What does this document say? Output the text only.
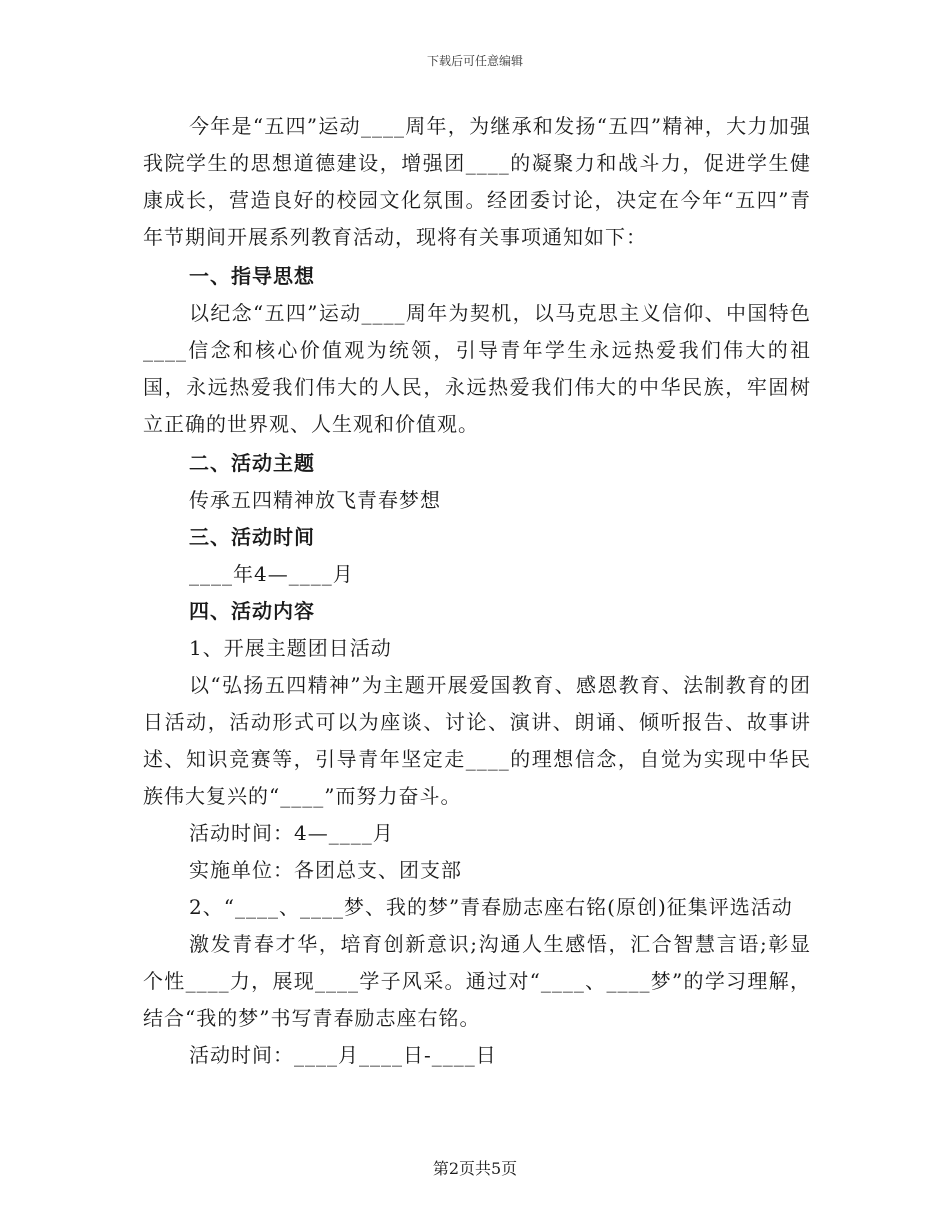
下载后可任意编辑

今年是“五四”运动____周年，为继承和发扬“五四”精神，大力加强我院学生的思想道德建设，增强团____的凝聚力和战斗力，促进学生健康成长，营造良好的校园文化氛围。经团委讨论，决定在今年“五四”青年节期间开展系列教育活动，现将有关事项通知如下：

一、指导思想

以纪念“五四”运动____周年为契机，以马克思主义信仰、中国特色____信念和核心价值观为统领，引导青年学生永远热爱我们伟大的祖国，永远热爱我们伟大的人民，永远热爱我们伟大的中华民族，牢固树立正确的世界观、人生观和价值观。

二、活动主题

传承五四精神放飞青春梦想

三、活动时间

____年4—____月

四、活动内容

1、开展主题团日活动

以“弘扬五四精神”为主题开展爱国教育、感恩教育、法制教育的团日活动，活动形式可以为座谈、讨论、演讲、朗诵、倾听报告、故事讲述、知识竞赛等，引导青年坚定走____的理想信念，自觉为实现中华民族伟大复兴的“____”而努力奋斗。

活动时间：4—____月

实施单位：各团总支、团支部

2、“____、____梦、我的梦”青春励志座右铭(原创)征集评选活动

激发青春才华，培育创新意识;沟通人生感悟，汇合智慧言语;彰显个性____力，展现____学子风采。通过对“____、____梦”的学习理解，结合“我的梦”书写青春励志座右铭。

活动时间：____月____日-____日

第2页共5页
